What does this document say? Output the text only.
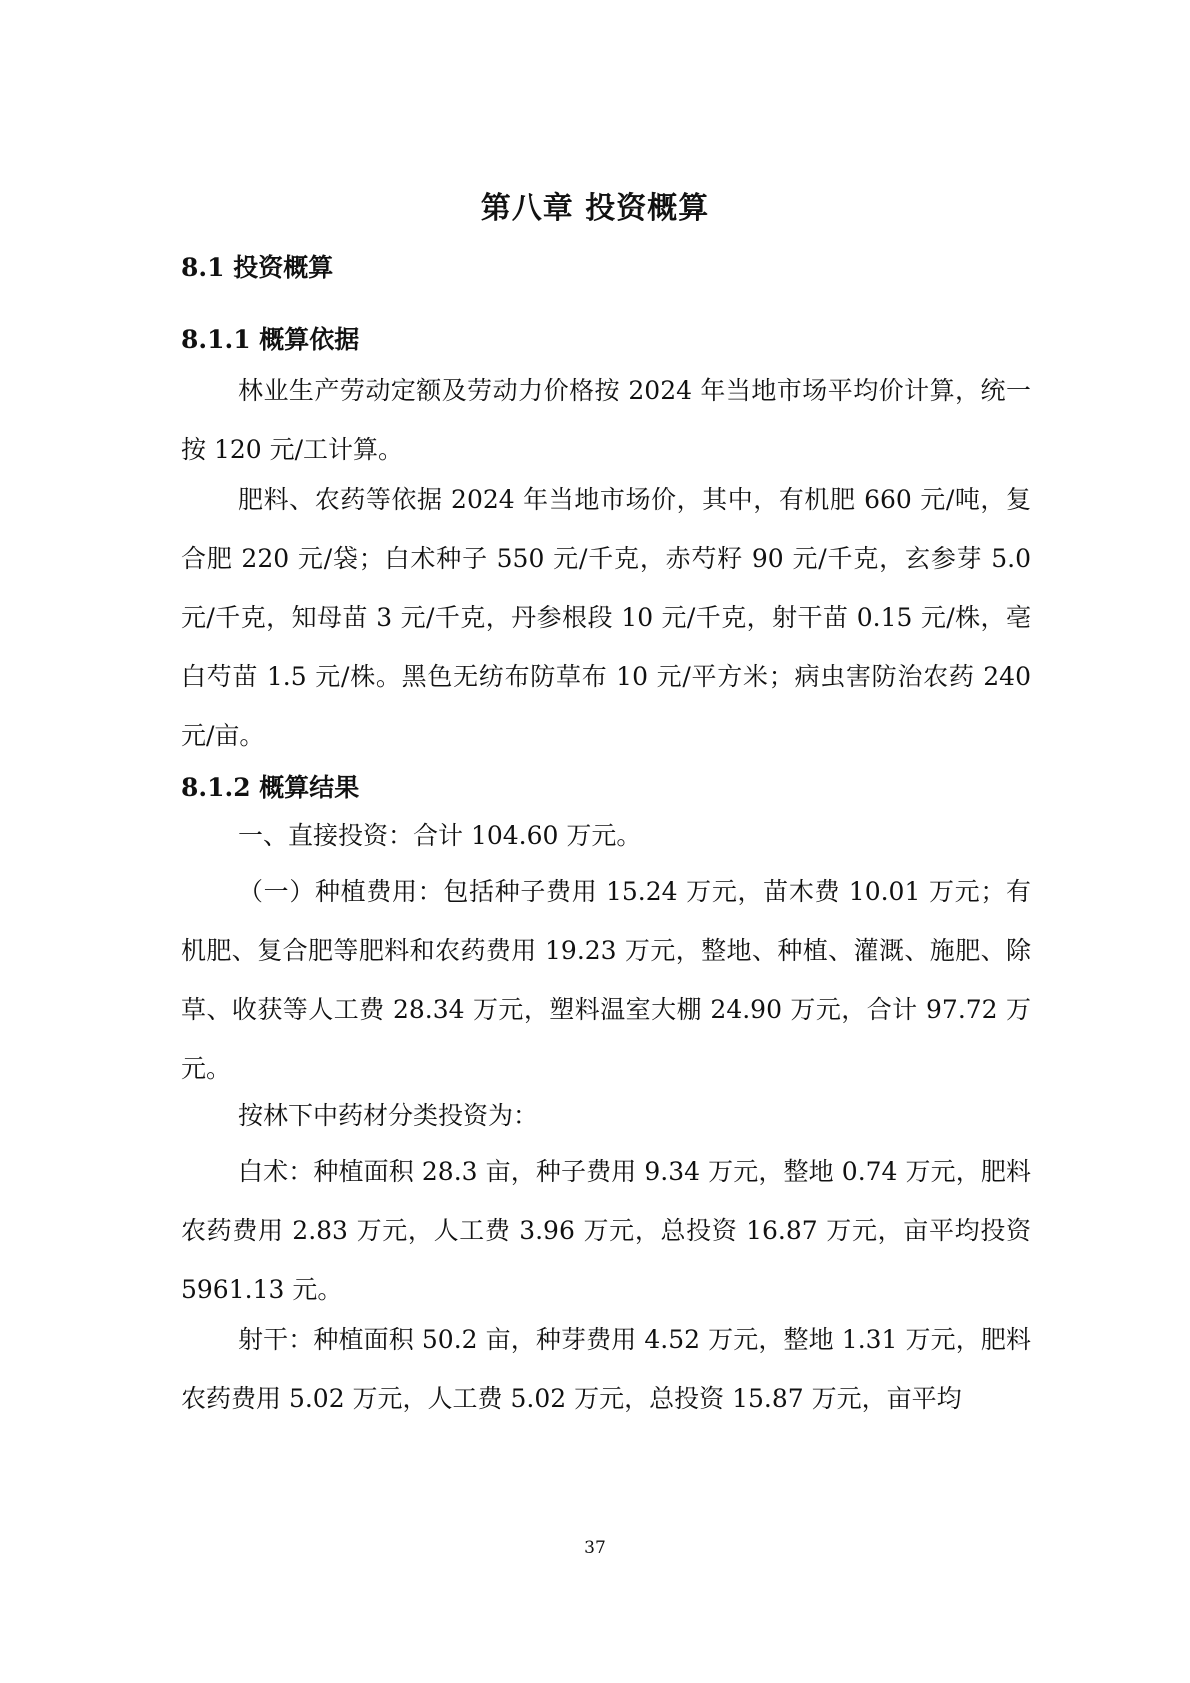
第八章 投资概算
8.1 投资概算
8.1.1 概算依据

林业生产劳动定额及劳动力价格按 2024 年当地市场平均价计算，统一按 120 元/工计算。

肥料、农药等依据 2024 年当地市场价，其中，有机肥 660 元/吨，复合肥 220 元/袋；白术种子 550 元/千克，赤芍籽 90 元/千克，玄参芽 5.0 元/千克，知母苗 3 元/千克，丹参根段 10 元/千克，射干苗 0.15 元/株，亳白芍苗 1.5 元/株。黑色无纺布防草布 10 元/平方米；病虫害防治农药 240 元/亩。

8.1.2 概算结果

一、直接投资：合计 104.60 万元。

（一）种植费用：包括种子费用 15.24 万元，苗木费 10.01 万元；有机肥、复合肥等肥料和农药费用 19.23 万元，整地、种植、灌溉、施肥、除草、收获等人工费 28.34 万元，塑料温室大棚 24.90 万元，合计 97.72 万元。

按林下中药材分类投资为：

白术：种植面积 28.3 亩，种子费用 9.34 万元，整地 0.74 万元，肥料农药费用 2.83 万元，人工费 3.96 万元，总投资 16.87 万元，亩平均投资 5961.13 元。

射干：种植面积 50.2 亩，种芽费用 4.52 万元，整地 1.31 万元，肥料农药费用 5.02 万元，人工费 5.02 万元，总投资 15.87 万元，亩平均

37
